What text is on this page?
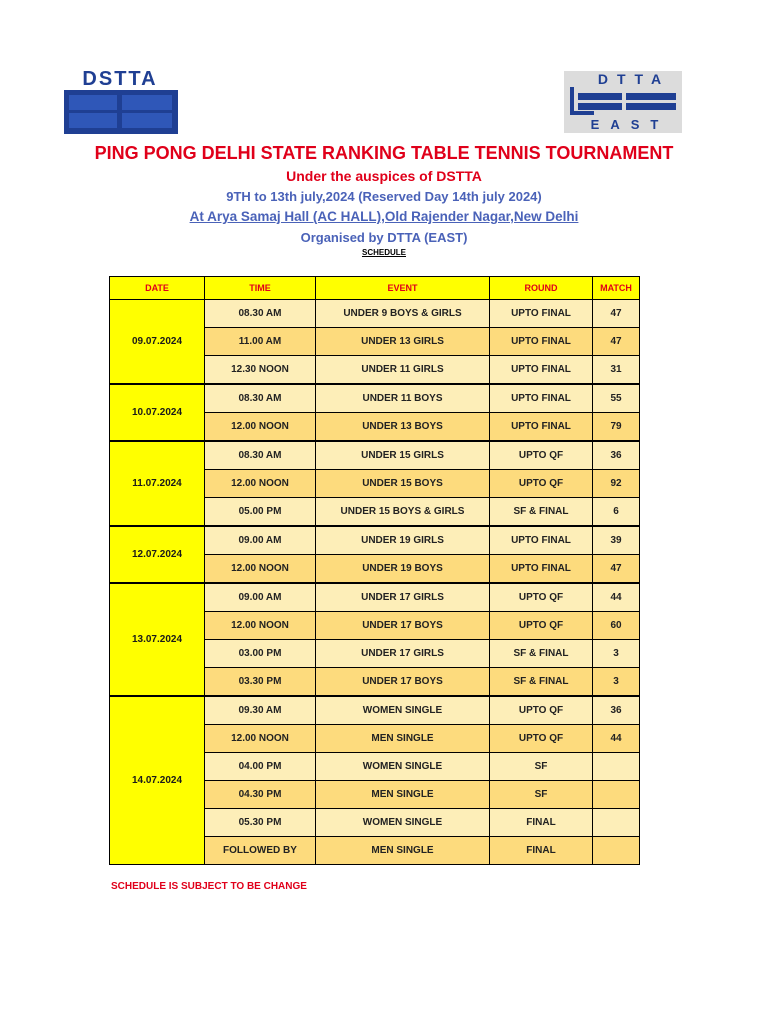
DSTTA	DTTA
EAST
PING PONG DELHI STATE RANKING TABLE TENNIS TOURNAMENT
Under the auspices of DSTTA
9TH to 13th july,2024 (Reserved Day 14th july 2024)
At Arya Samaj Hall (AC HALL),Old Rajender Nagar,New Delhi
Organised by DTTA (EAST)
SCHEDULE
DATE	TIME	EVENT	ROUND	MATCH
09.07.2024	08.30 AM	UNDER 9 BOYS & GIRLS	UPTO FINAL	47
	11.00 AM	UNDER 13 GIRLS	UPTO FINAL	47
	12.30 NOON	UNDER 11 GIRLS	UPTO FINAL	31
10.07.2024	08.30 AM	UNDER 11 BOYS	UPTO FINAL	55
	12.00 NOON	UNDER 13 BOYS	UPTO FINAL	79
11.07.2024	08.30 AM	UNDER 15 GIRLS	UPTO QF	36
	12.00 NOON	UNDER 15 BOYS	UPTO QF	92
	05.00 PM	UNDER 15 BOYS & GIRLS	SF & FINAL	6
12.07.2024	09.00 AM	UNDER 19 GIRLS	UPTO FINAL	39
	12.00 NOON	UNDER 19 BOYS	UPTO FINAL	47
13.07.2024	09.00 AM	UNDER 17 GIRLS	UPTO QF	44
	12.00 NOON	UNDER 17 BOYS	UPTO QF	60
	03.00 PM	UNDER 17 GIRLS	SF & FINAL	3
	03.30 PM	UNDER 17 BOYS	SF & FINAL	3
14.07.2024	09.30 AM	WOMEN SINGLE	UPTO QF	36
	12.00 NOON	MEN SINGLE	UPTO QF	44
	04.00 PM	WOMEN SINGLE	SF	
	04.30 PM	MEN SINGLE	SF	
	05.30 PM	WOMEN SINGLE	FINAL	
	FOLLOWED BY	MEN SINGLE	FINAL	
SCHEDULE IS SUBJECT TO BE CHANGE
